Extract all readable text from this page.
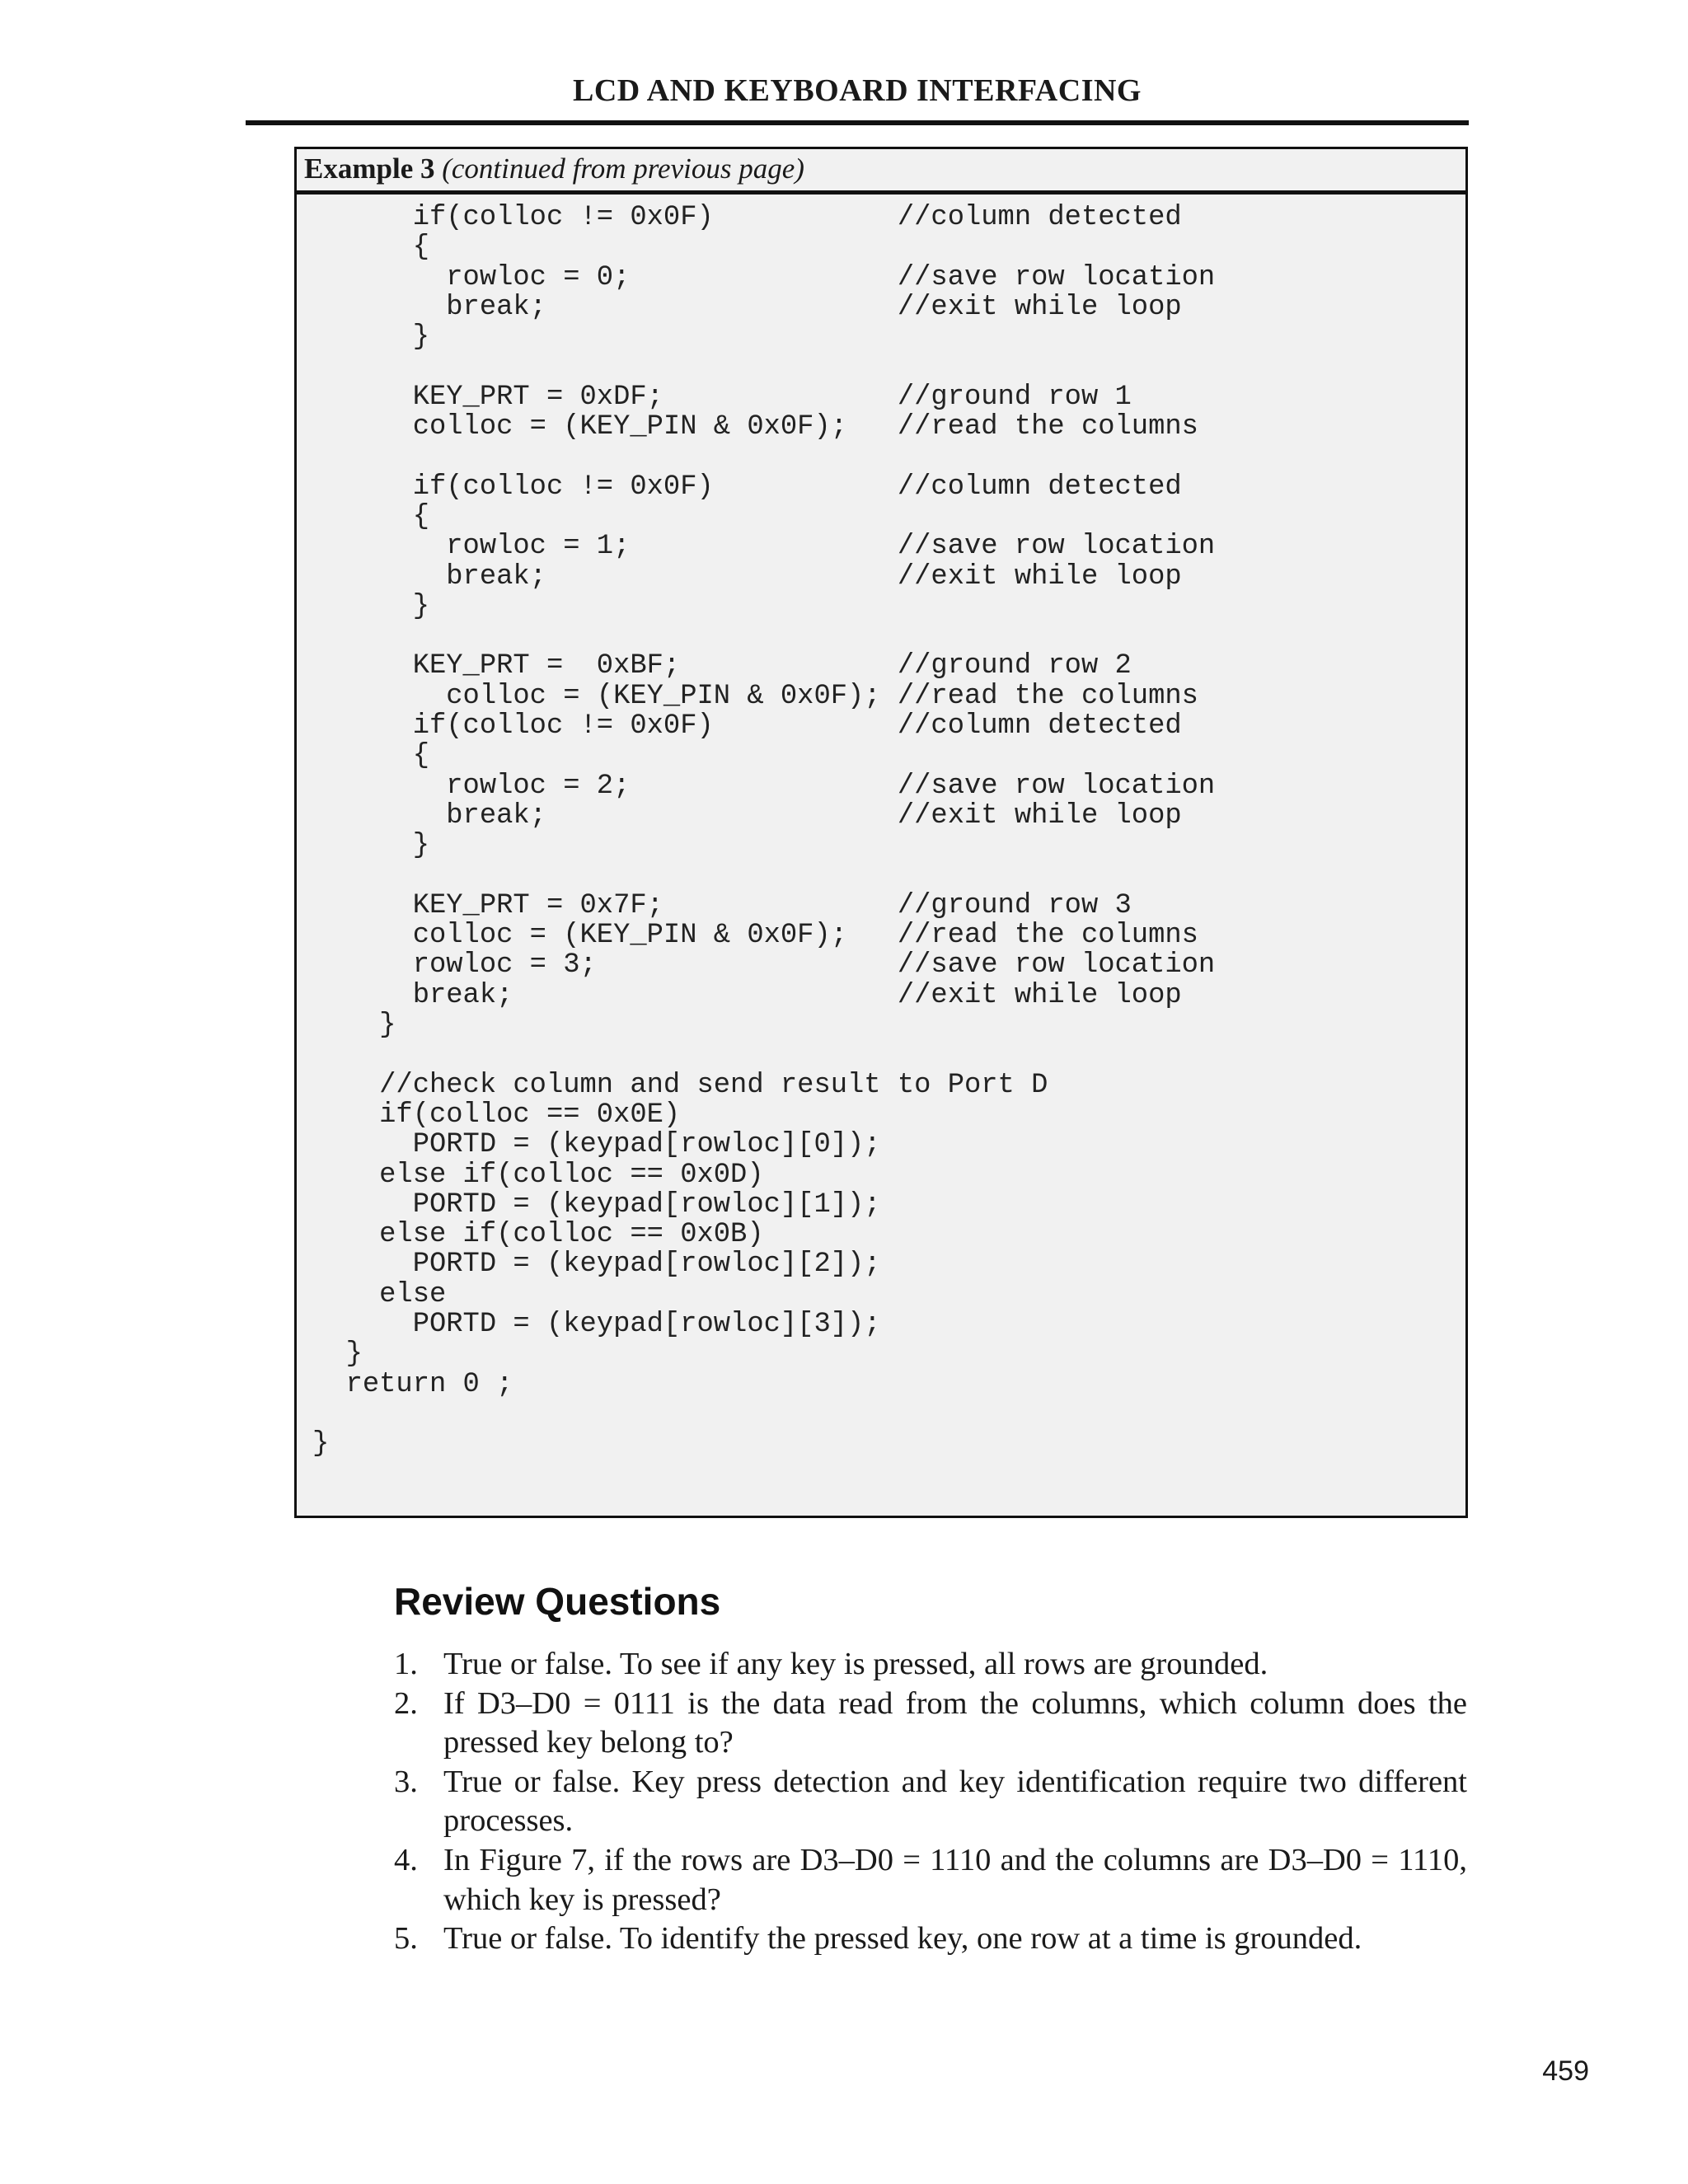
LCD AND KEYBOARD INTERFACING
Example 3 (continued from previous page)
if(colloc != 0x0F)           //column detected
{
rowloc = 0;                //save row location
break;                     //exit while loop
}
KEY_PRT = 0xDF;              //ground row 1
colloc = (KEY_PIN & 0x0F);   //read the columns
if(colloc != 0x0F)           //column detected
{
rowloc = 1;                //save row location
break;                     //exit while loop
}
KEY_PRT =  0xBF;             //ground row 2
colloc = (KEY_PIN & 0x0F); //read the columns
if(colloc != 0x0F)           //column detected
{
rowloc = 2;                //save row location
break;                     //exit while loop
}
KEY_PRT = 0x7F;              //ground row 3
colloc = (KEY_PIN & 0x0F);   //read the columns
rowloc = 3;                  //save row location
break;                       //exit while loop
}
//check column and send result to Port D
if(colloc == 0x0E)
PORTD = (keypad[rowloc][0]);
else if(colloc == 0x0D)
PORTD = (keypad[rowloc][1]);
else if(colloc == 0x0B)
PORTD = (keypad[rowloc][2]);
else
PORTD = (keypad[rowloc][3]);
}
return 0 ;
}
Review Questions
1. True or false. To see if any key is pressed, all rows are grounded.
2. If D3–D0 = 0111 is the data read from the columns, which column does the pressed key belong to?
3. True or false. Key press detection and key identification require two different processes.
4. In Figure 7, if the rows are D3–D0 = 1110 and the columns are D3–D0 = 1110, which key is pressed?
5. True or false. To identify the pressed key, one row at a time is grounded.
459
